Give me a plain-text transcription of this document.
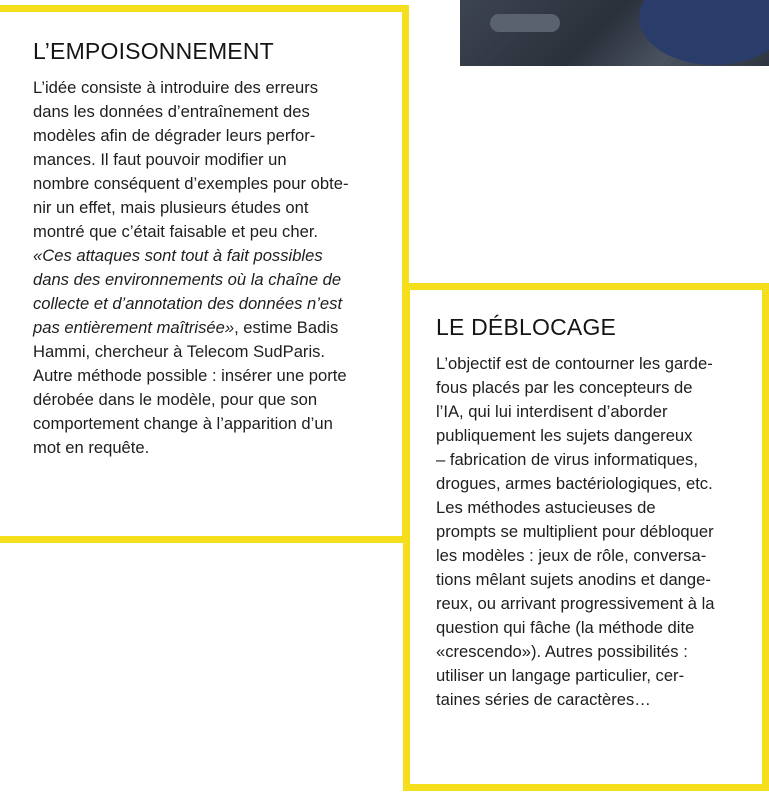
L’EMPOISONNEMENT

L’idée consiste à introduire des erreurs
dans les données d’entraînement des
modèles afin de dégrader leurs perfor-
mances. Il faut pouvoir modifier un
nombre conséquent d’exemples pour obte-
nir un effet, mais plusieurs études ont
montré que c’était faisable et peu cher.
«Ces attaques sont tout à fait possibles
dans des environnements où la chaîne de
collecte et d’annotation des données n’est
pas entièrement maîtrisée», estime Badis
Hammi, chercheur à Telecom SudParis.
Autre méthode possible : insérer une porte
dérobée dans le modèle, pour que son
comportement change à l’apparition d’un
mot en requête.

LE DÉBLOCAGE

L’objectif est de contourner les garde-
fous placés par les concepteurs de
l’IA, qui lui interdisent d’aborder
publiquement les sujets dangereux
– fabrication de virus informatiques,
drogues, armes bactériologiques, etc.
Les méthodes astucieuses de
prompts se multiplient pour débloquer
les modèles : jeux de rôle, conversa-
tions mêlant sujets anodins et dange-
reux, ou arrivant progressivement à la
question qui fâche (la méthode dite
«crescendo»). Autres possibilités :
utiliser un langage particulier, cer-
taines séries de caractères…
